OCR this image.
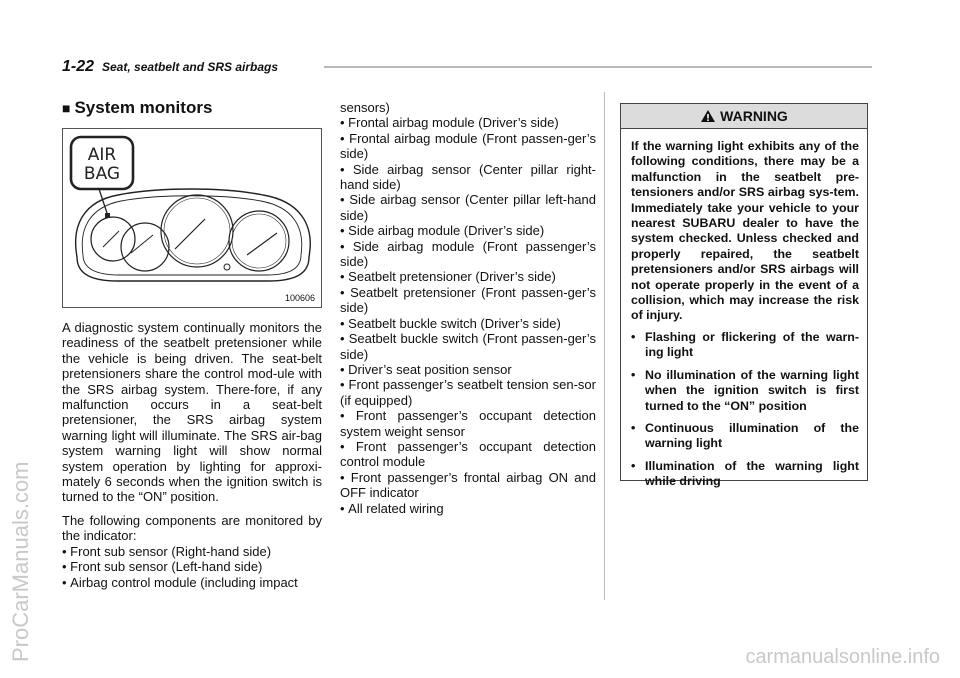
1-22 Seat, seatbelt and SRS airbags
■ System monitors
AIR
BAG
100606

A diagnostic system continually monitors the readiness of the seatbelt pretensioner while the vehicle is being driven. The seat-belt pretensioners share the control mod-ule with the SRS airbag system. There-fore, if any malfunction occurs in a seat-belt pretensioner, the SRS airbag system warning light will illuminate. The SRS air-bag system warning light will show normal system operation by lighting for approxi-mately 6 seconds when the ignition switch is turned to the “ON” position.

The following components are monitored by the indicator:

• Front sub sensor (Right-hand side)
• Front sub sensor (Left-hand side)
• Airbag control module (including impact

sensors)

• Frontal airbag module (Driver’s side)
• Frontal airbag module (Front passen-ger’s side)
• Side airbag sensor (Center pillar right-hand side)
• Side airbag sensor (Center pillar left-hand side)
• Side airbag module (Driver’s side)
• Side airbag module (Front passenger’s side)
• Seatbelt pretensioner (Driver’s side)
• Seatbelt pretensioner (Front passen-ger’s side)
• Seatbelt buckle switch (Driver’s side)
• Seatbelt buckle switch (Front passen-ger’s side)
• Driver’s seat position sensor
• Front passenger’s seatbelt tension sen-sor (if equipped)
• Front passenger’s occupant detection system weight sensor
• Front passenger’s occupant detection control module
• Front passenger’s frontal airbag ON and OFF indicator
• All related wiring
WARNING

If the warning light exhibits any of the following conditions, there may be a malfunction in the seatbelt pre-tensioners and/or SRS airbag sys-tem. Immediately take your vehicle to your nearest SUBARU dealer to have the system checked. Unless checked and properly repaired, the seatbelt pretensioners and/or SRS airbags will not operate properly in the event of a collision, which may increase the risk of injury.

• Flashing or flickering of the warn-ing light
• No illumination of the warning light when the ignition switch is first turned to the “ON” position
• Continuous illumination of the warning light
• Illumination of the warning light while driving
ProCarManuals.com	carmanualsonline.info
